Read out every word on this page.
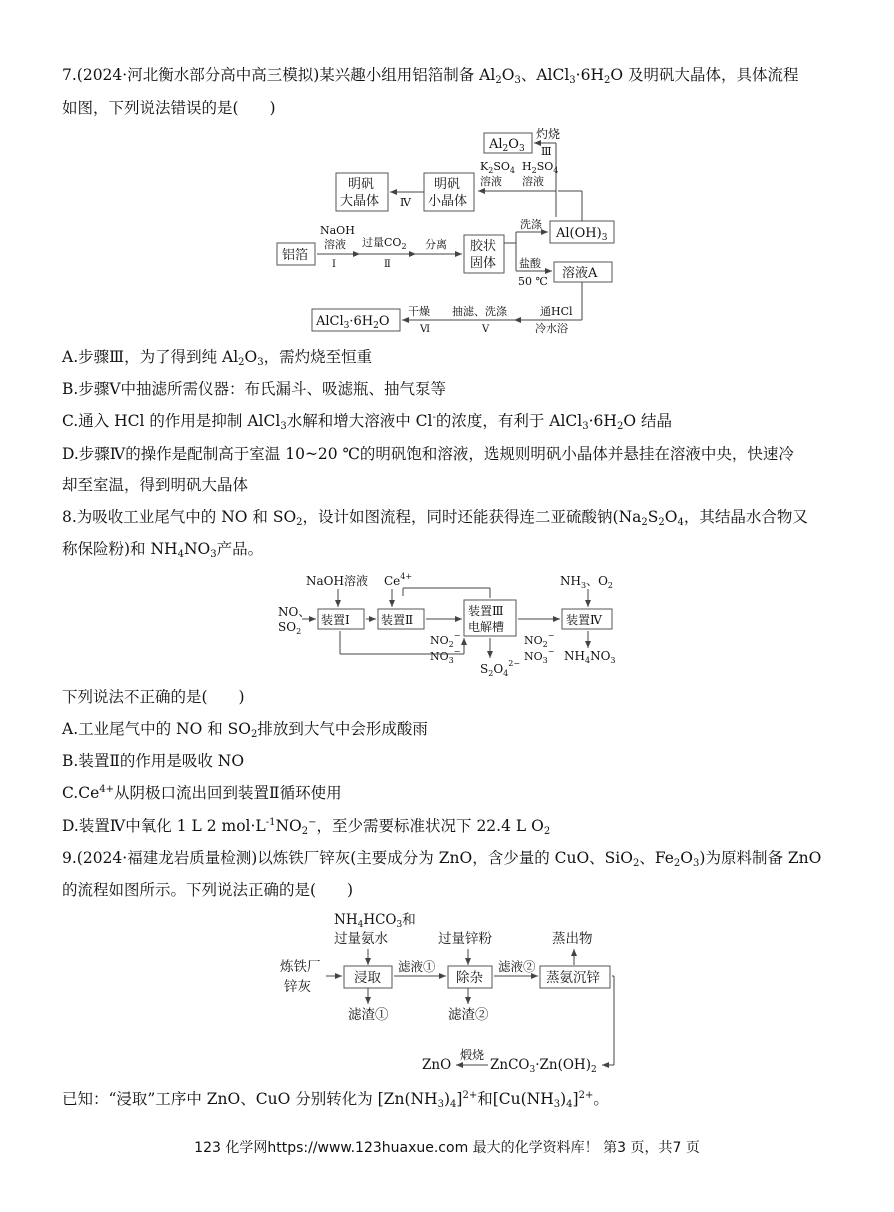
7.(2024·河北衡水部分高中高三模拟)某兴趣小组用铝箔制备 $Al_2O_3$、$AlCl_3\cdot 6H_2O$ 及明矾大晶体，具体流程
如图，下列说法错误的是(　　)
$Al_2O_3$
灼烧
Ⅲ
$K_2SO_4$
溶液
$H_2SO_4$
溶液
明矾
小晶体
Ⅳ
明矾
大晶体
$Al(OH)_3$
铝箔
NaOH
溶液
Ⅰ
过量$CO_2$
Ⅱ
分离 胶状
固体
洗涤
盐酸
50 ℃
溶液A
通HCl
冷水浴
抽滤、洗涤
Ⅴ
干燥
Ⅵ
$AlCl_3\cdot 6H_2O$
A.步骤Ⅲ，为了得到纯 $Al_2O_3$，需灼烧至恒重
B.步骤Ⅴ中抽滤所需仪器：布氏漏斗、吸滤瓶、抽气泵等
C.通入 HCl 的作用是抑制 AlCl$_3$水解和增大溶液中 Cl-的浓度，有利于 $AlCl_3\cdot 6H_2O$ 结晶
D.步骤Ⅳ的操作是配制高于室温 10~20 ℃的明矾饱和溶液，选规则明矾小晶体并悬挂在溶液中央，快速冷
却至室温，得到明矾大晶体
8.为吸收工业尾气中的 NO 和 $SO_2$，设计如图流程，同时还能获得连二亚硫酸钠($Na_2S_2O_4$，其结晶水合物又
称保险粉)和 $NH_4NO_3$产品。
NaOH溶液 $Ce^{4+}$	$NH_3$、$O_2$
NO、
$SO_2$
装置Ⅰ	装置Ⅱ
$NO_2^-$
$NO_3^-$
装置Ⅲ
电解槽
$NO_2^-$
$NO_3^-$
装置Ⅳ
$NH_4NO_3$
$S_2O_4^{2-}$
下列说法不正确的是(　　)
A.工业尾气中的 NO 和 $SO_2$排放到大气中会形成酸雨
B.装置Ⅱ的作用是吸收 NO
$C.Ce^{4+}$从阴极口流出回到装置Ⅱ循环使用
D.装置Ⅳ中氧化 1 L 2 $mol\cdot L^{-1}NO_2^-$，至少需要标准状况下 22.4 L $O_2$
9.(2024·福建龙岩质量检测)以炼铁厂锌灰(主要成分为 ZnO，含少量的 CuO、SiO$_2$、$Fe_2O_3$)为原料制备 ZnO
的流程如图所示。下列说法正确的是(　　)
$NH_4HCO_3$和
过量氨水	过量锌粉	蒸出物
炼铁厂
锌灰
浸取
滤液①
除杂
滤液②
蒸氨沉锌
滤渣①	滤渣②
$ZnCO_3\cdot Zn(OH)_2$
煅烧
ZnO
已知：“浸取”工序中 ZnO、CuO 分别转化为 $[Zn(NH_3)_4]^{2+}$和$[Cu(NH_3)_4]^{2+}$。
123 化学网https://www.123huaxue.com 最大的化学资料库！ 第3 页，共7 页
